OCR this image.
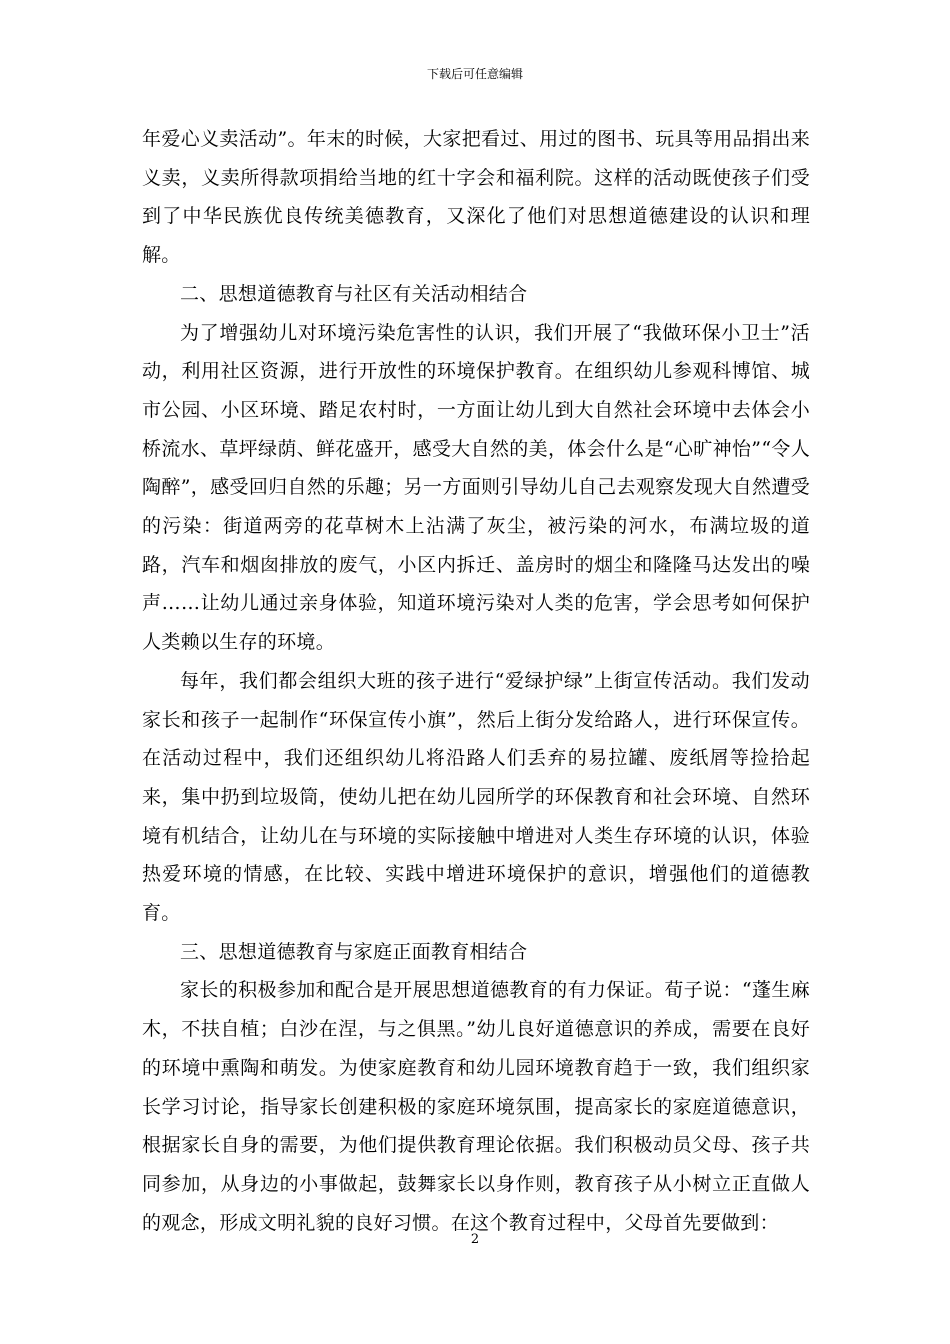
下载后可任意编辑

年爱心义卖活动”。年末的时候，大家把看过、用过的图书、玩具等用品捐出来义卖，义卖所得款项捐给当地的红十字会和福利院。这样的活动既使孩子们受到了中华民族优良传统美德教育，又深化了他们对思想道德建设的认识和理解。

二、思想道德教育与社区有关活动相结合

为了增强幼儿对环境污染危害性的认识，我们开展了“我做环保小卫士”活动，利用社区资源，进行开放性的环境保护教育。在组织幼儿参观科博馆、城市公园、小区环境、踏足农村时，一方面让幼儿到大自然社会环境中去体会小桥流水、草坪绿荫、鲜花盛开，感受大自然的美，体会什么是“心旷神怡”“令人陶醉”，感受回归自然的乐趣；另一方面则引导幼儿自己去观察发现大自然遭受的污染：街道两旁的花草树木上沾满了灰尘，被污染的河水，布满垃圾的道路，汽车和烟囱排放的废气，小区内拆迁、盖房时的烟尘和隆隆马达发出的噪声……让幼儿通过亲身体验，知道环境污染对人类的危害，学会思考如何保护人类赖以生存的环境。

每年，我们都会组织大班的孩子进行“爱绿护绿”上街宣传活动。我们发动家长和孩子一起制作“环保宣传小旗”，然后上街分发给路人，进行环保宣传。在活动过程中，我们还组织幼儿将沿路人们丢弃的易拉罐、废纸屑等捡拾起来，集中扔到垃圾筒，使幼儿把在幼儿园所学的环保教育和社会环境、自然环境有机结合，让幼儿在与环境的实际接触中增进对人类生存环境的认识，体验热爱环境的情感，在比较、实践中增进环境保护的意识，增强他们的道德教育。

三、思想道德教育与家庭正面教育相结合

家长的积极参加和配合是开展思想道德教育的有力保证。荀子说：“蓬生麻木，不扶自植；白沙在涅，与之俱黑。”幼儿良好道德意识的养成，需要在良好的环境中熏陶和萌发。为使家庭教育和幼儿园环境教育趋于一致，我们组织家长学习讨论，指导家长创建积极的家庭环境氛围，提高家长的家庭道德意识，根据家长自身的需要，为他们提供教育理论依据。我们积极动员父母、孩子共同参加，从身边的小事做起，鼓舞家长以身作则，教育孩子从小树立正直做人的观念，形成文明礼貌的良好习惯。在这个教育过程中，父母首先要做到：

2
